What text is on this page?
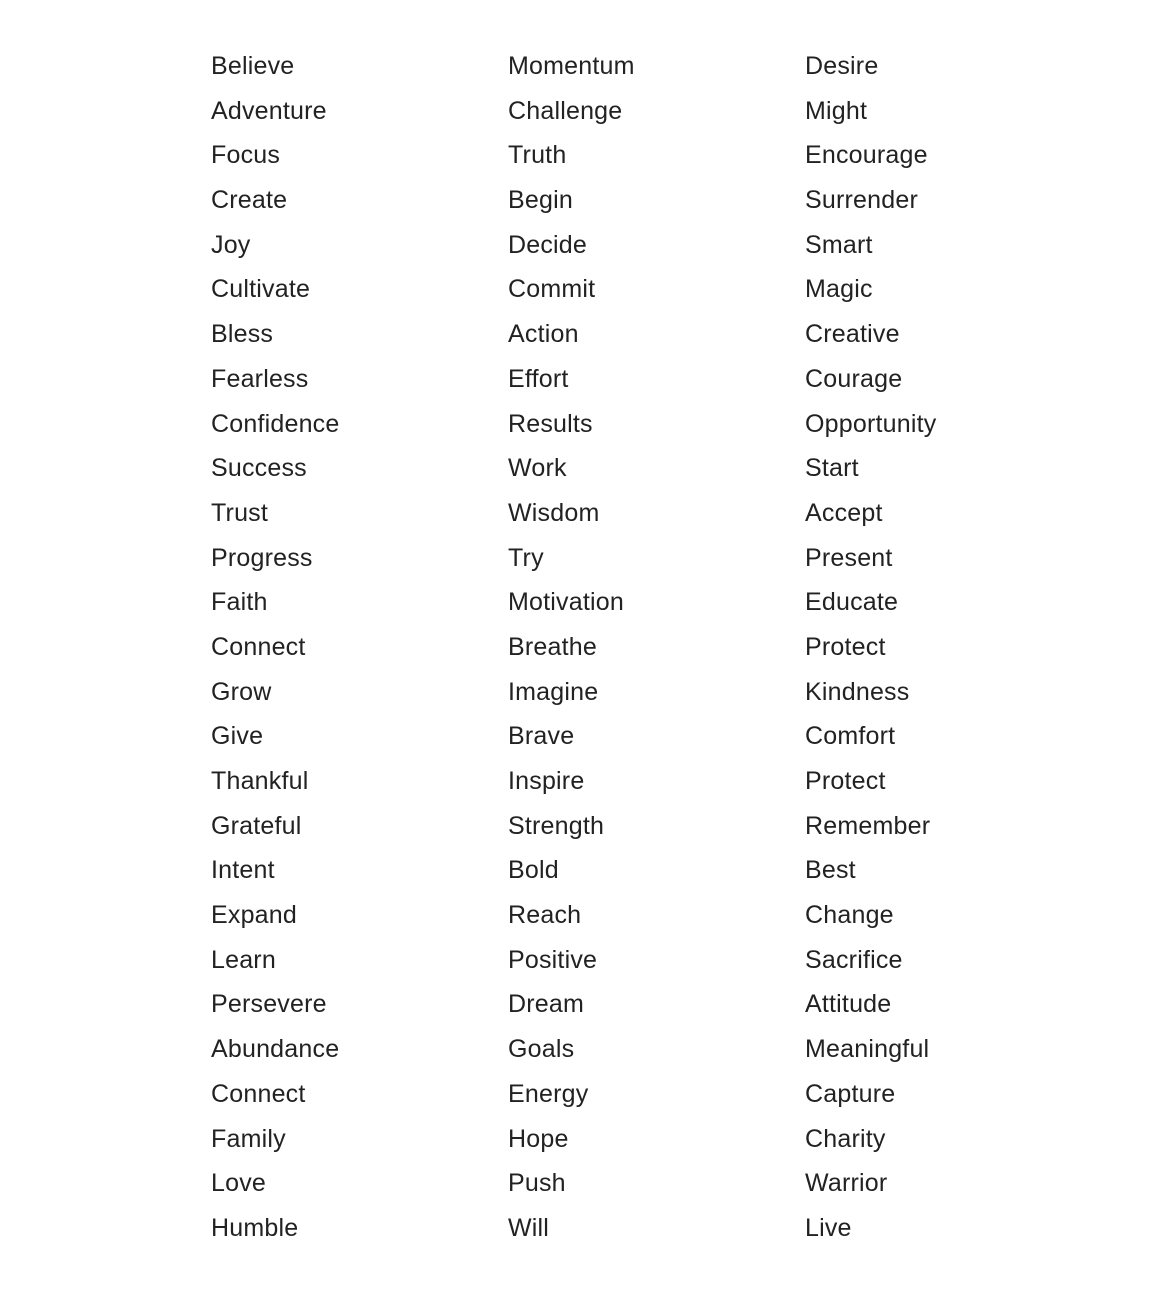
Believe
Adventure
Focus
Create
Joy
Cultivate
Bless
Fearless
Confidence
Success
Trust
Progress
Faith
Connect
Grow
Give
Thankful
Grateful
Intent
Expand
Learn
Persevere
Abundance
Connect
Family
Love
Humble
Momentum
Challenge
Truth
Begin
Decide
Commit
Action
Effort
Results
Work
Wisdom
Try
Motivation
Breathe
Imagine
Brave
Inspire
Strength
Bold
Reach
Positive
Dream
Goals
Energy
Hope
Push
Will
Desire
Might
Encourage
Surrender
Smart
Magic
Creative
Courage
Opportunity
Start
Accept
Present
Educate
Protect
Kindness
Comfort
Protect
Remember
Best
Change
Sacrifice
Attitude
Meaningful
Capture
Charity
Warrior
Live
